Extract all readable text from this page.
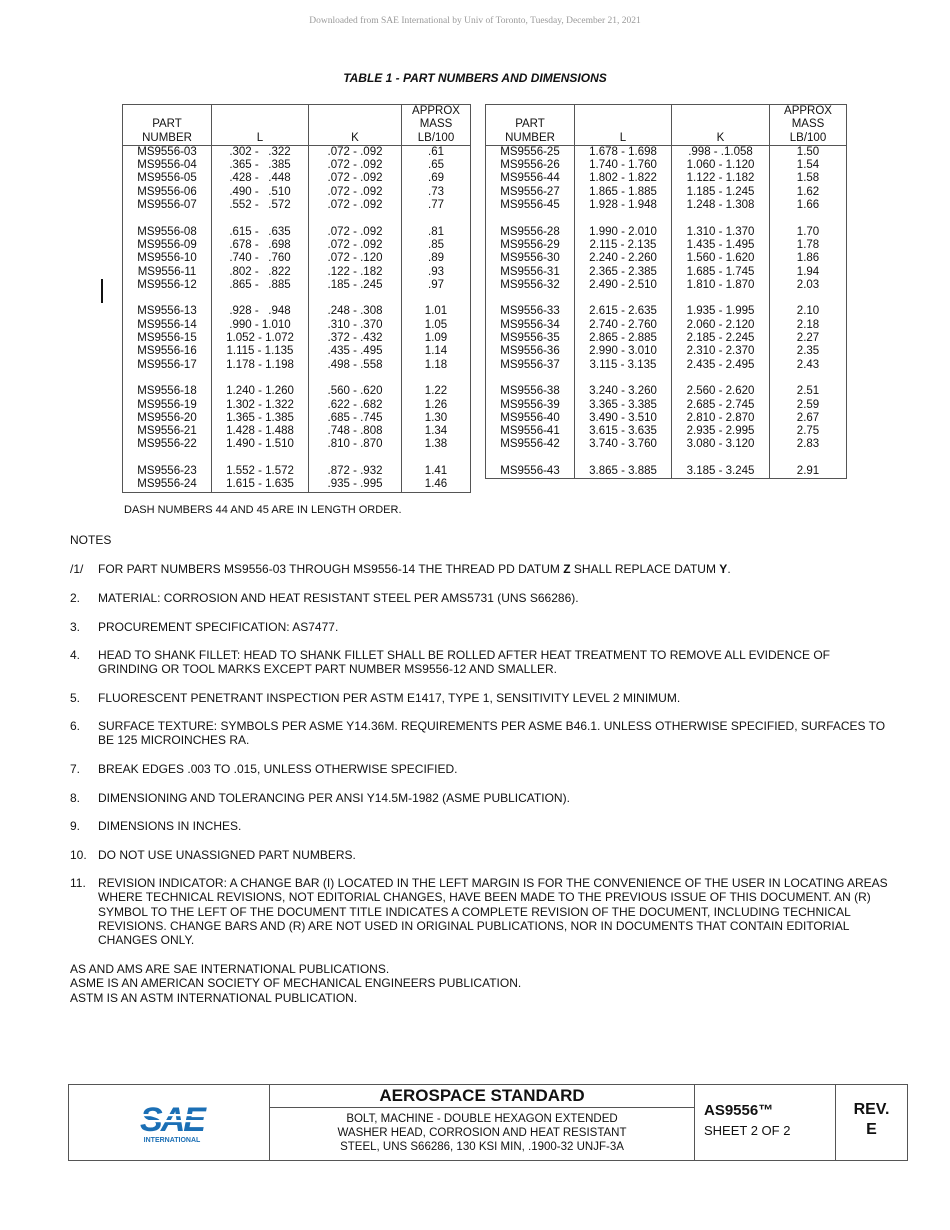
Downloaded from SAE International by Univ of Toronto, Tuesday, December 21, 2021
TABLE 1 - PART NUMBERS AND DIMENSIONS

PART
NUMBER	L	K	APPROX
MASS
LB/100
MS9556-03	.302 -   .322	.072 - .092	.61
MS9556-04	.365 -   .385	.072 - .092	.65
MS9556-05	.428 -   .448	.072 - .092	.69
MS9556-06	.490 -   .510	.072 - .092	.73
MS9556-07	.552 -   .572	.072 - .092	.77

MS9556-08	.615 -   .635	.072 - .092	.81
MS9556-09	.678 -   .698	.072 - .092	.85
MS9556-10	.740 -   .760	.072 - .120	.89
MS9556-11	.802 -   .822	.122 - .182	.93
MS9556-12	.865 -   .885	.185 - .245	.97

MS9556-13	.928 -   .948	.248 - .308	1.01
MS9556-14	.990 - 1.010	.310 - .370	1.05
MS9556-15	1.052 - 1.072	.372 - .432	1.09
MS9556-16	1.115 - 1.135	.435 - .495	1.14
MS9556-17	1.178 - 1.198	.498 - .558	1.18

MS9556-18	1.240 - 1.260	.560 - .620	1.22
MS9556-19	1.302 - 1.322	.622 - .682	1.26
MS9556-20	1.365 - 1.385	.685 - .745	1.30
MS9556-21	1.428 - 1.488	.748 - .808	1.34
MS9556-22	1.490 - 1.510	.810 - .870	1.38

MS9556-23	1.552 - 1.572	.872 - .932	1.41
MS9556-24	1.615 - 1.635	.935 - .995	1.46

PART
NUMBER	L	K	APPROX
MASS
LB/100
MS9556-25	1.678 - 1.698	.998 - .1.058	1.50
MS9556-26	1.740 - 1.760	1.060 - 1.120	1.54
MS9556-44	1.802 - 1.822	1.122 - 1.182	1.58
MS9556-27	1.865 - 1.885	1.185 - 1.245	1.62
MS9556-45	1.928 - 1.948	1.248 - 1.308	1.66

MS9556-28	1.990 - 2.010	1.310 - 1.370	1.70
MS9556-29	2.115 - 2.135	1.435 - 1.495	1.78
MS9556-30	2.240 - 2.260	1.560 - 1.620	1.86
MS9556-31	2.365 - 2.385	1.685 - 1.745	1.94
MS9556-32	2.490 - 2.510	1.810 - 1.870	2.03

MS9556-33	2.615 - 2.635	1.935 - 1.995	2.10
MS9556-34	2.740 - 2.760	2.060 - 2.120	2.18
MS9556-35	2.865 - 2.885	2.185 - 2.245	2.27
MS9556-36	2.990 - 3.010	2.310 - 2.370	2.35
MS9556-37	3.115 - 3.135	2.435 - 2.495	2.43

MS9556-38	3.240 - 3.260	2.560 - 2.620	2.51
MS9556-39	3.365 - 3.385	2.685 - 2.745	2.59
MS9556-40	3.490 - 3.510	2.810 - 2.870	2.67
MS9556-41	3.615 - 3.635	2.935 - 2.995	2.75
MS9556-42	3.740 - 3.760	3.080 - 3.120	2.83

MS9556-43	3.865 - 3.885	3.185 - 3.245	2.91

DASH NUMBERS 44 AND 45 ARE IN LENGTH ORDER.
NOTES
/1/ FOR PART NUMBERS MS9556-03 THROUGH MS9556-14 THE THREAD PD DATUM Z SHALL REPLACE DATUM Y.
2. MATERIAL: CORROSION AND HEAT RESISTANT STEEL PER AMS5731 (UNS S66286).
3. PROCUREMENT SPECIFICATION: AS7477.
4. HEAD TO SHANK FILLET: HEAD TO SHANK FILLET SHALL BE ROLLED AFTER HEAT TREATMENT TO REMOVE ALL EVIDENCE OF GRINDING OR TOOL MARKS EXCEPT PART NUMBER MS9556-12 AND SMALLER.
5. FLUORESCENT PENETRANT INSPECTION PER ASTM E1417, TYPE 1, SENSITIVITY LEVEL 2 MINIMUM.
6. SURFACE TEXTURE: SYMBOLS PER ASME Y14.36M. REQUIREMENTS PER ASME B46.1. UNLESS OTHERWISE SPECIFIED, SURFACES TO BE 125 MICROINCHES RA.
7. BREAK EDGES .003 TO .015, UNLESS OTHERWISE SPECIFIED.
8. DIMENSIONING AND TOLERANCING PER ANSI Y14.5M-1982 (ASME PUBLICATION).
9. DIMENSIONS IN INCHES.
10. DO NOT USE UNASSIGNED PART NUMBERS.
11. REVISION INDICATOR: A CHANGE BAR (I) LOCATED IN THE LEFT MARGIN IS FOR THE CONVENIENCE OF THE USER IN LOCATING AREAS WHERE TECHNICAL REVISIONS, NOT EDITORIAL CHANGES, HAVE BEEN MADE TO THE PREVIOUS ISSUE OF THIS DOCUMENT. AN (R) SYMBOL TO THE LEFT OF THE DOCUMENT TITLE INDICATES A COMPLETE REVISION OF THE DOCUMENT, INCLUDING TECHNICAL REVISIONS. CHANGE BARS AND (R) ARE NOT USED IN ORIGINAL PUBLICATIONS, NOR IN DOCUMENTS THAT CONTAIN EDITORIAL CHANGES ONLY.
AS AND AMS ARE SAE INTERNATIONAL PUBLICATIONS.
ASME IS AN AMERICAN SOCIETY OF MECHANICAL ENGINEERS PUBLICATION.
ASTM IS AN ASTM INTERNATIONAL PUBLICATION.
INTERNATIONAL
AEROSPACE STANDARD
BOLT, MACHINE - DOUBLE HEXAGON EXTENDED
WASHER HEAD, CORROSION AND HEAT RESISTANT
STEEL, UNS S66286, 130 KSI MIN, .1900-32 UNJF-3A
AS9556™
SHEET 2 OF 2
REV.
E
